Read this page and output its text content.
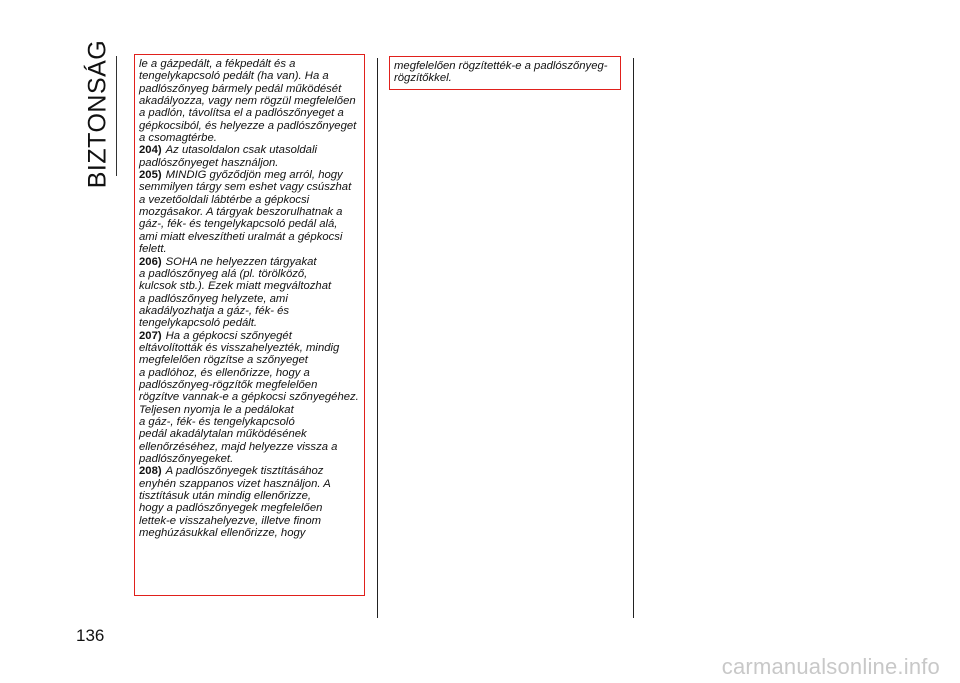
BIZTONSÁG le a gázpedált, a fékpedált és a
tengelykapcsoló pedált (ha van). Ha a
padlószőnyeg bármely pedál működését
akadályozza, vagy nem rögzül megfelelően
a padlón, távolítsa el a padlószőnyeget a
gépkocsiból, és helyezze a padlószőnyeget
a csomagtérbe.
204) Az utasoldalon csak utasoldali
padlószőnyeget használjon.
205) MINDIG győződjön meg arról, hogy
semmilyen tárgy sem eshet vagy csúszhat
a vezetőoldali lábtérbe a gépkocsi
mozgásakor. A tárgyak beszorulhatnak a
gáz-, fék- és tengelykapcsoló pedál alá,
ami miatt elveszítheti uralmát a gépkocsi
felett.
206) SOHA ne helyezzen tárgyakat
a padlószőnyeg alá (pl. törölköző,
kulcsok stb.). Ezek miatt megváltozhat
a padlószőnyeg helyzete, ami
akadályozhatja a gáz-, fék- és
tengelykapcsoló pedált.
207) Ha a gépkocsi szőnyegét
eltávolították és visszahelyezték, mindig
megfelelően rögzítse a szőnyeget
a padlóhoz, és ellenőrizze, hogy a
padlószőnyeg-rögzítők megfelelően
rögzítve vannak-e a gépkocsi szőnyegéhez.
Teljesen nyomja le a pedálokat
a gáz-, fék- és tengelykapcsoló
pedál akadálytalan működésének
ellenőrzéséhez, majd helyezze vissza a
padlószőnyegeket.
208) A padlószőnyegek tisztításához
enyhén szappanos vizet használjon. A
tisztításuk után mindig ellenőrizze,
hogy a padlószőnyegek megfelelően
lettek-e visszahelyezve, illetve finom
meghúzásukkal ellenőrizze, hogy
megfelelően rögzítették-e a padlószőnyeg-
rögzítőkkel.
136
carmanualsonline.info
